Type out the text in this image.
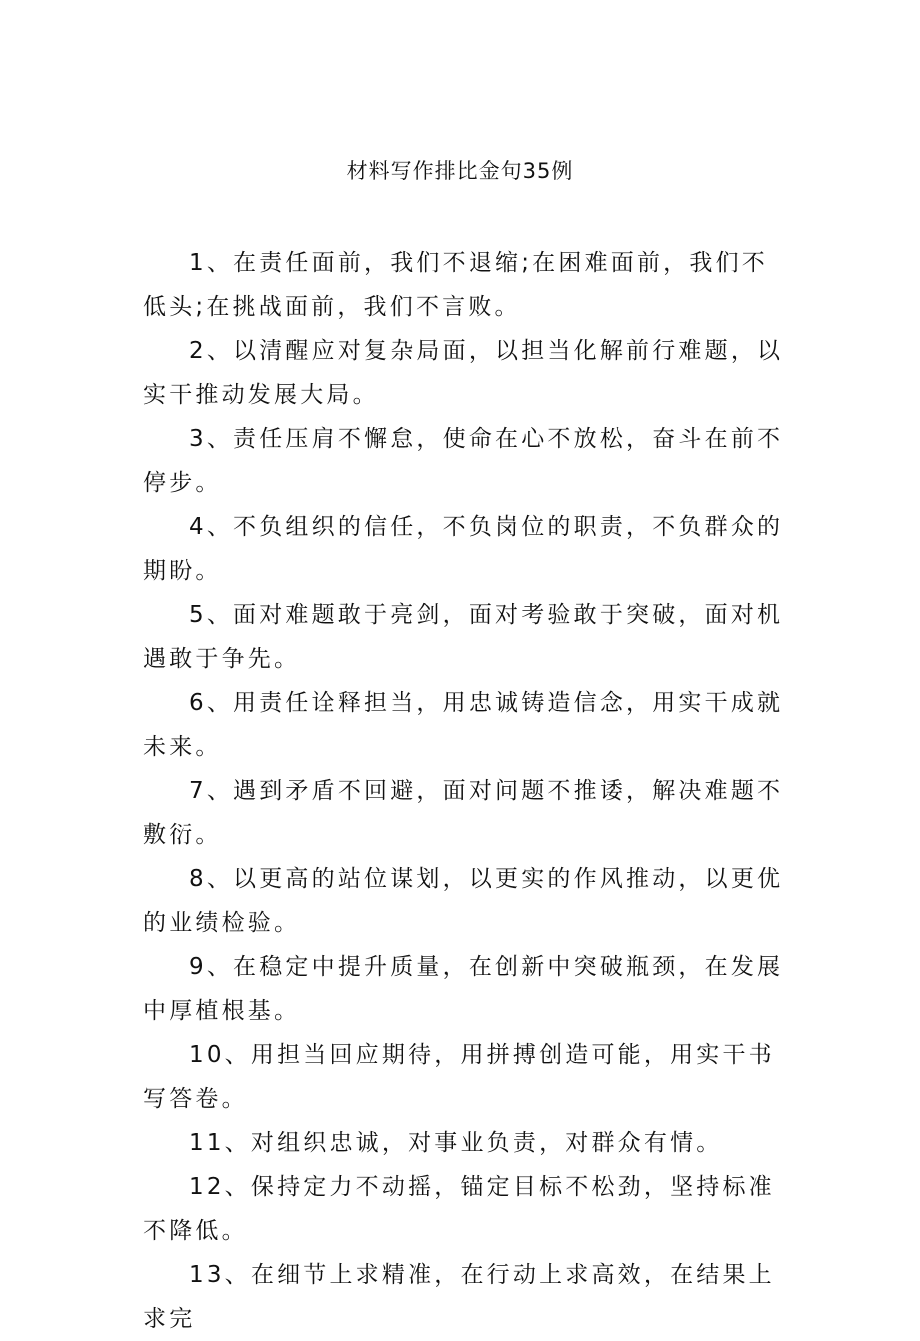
材料写作排比金句35例

1、在责任面前，我们不退缩;在困难面前，我们不低头;在挑战面前，我们不言败。

2、以清醒应对复杂局面，以担当化解前行难题，以实干推动发展大局。

3、责任压肩不懈怠，使命在心不放松，奋斗在前不停步。

4、不负组织的信任，不负岗位的职责，不负群众的期盼。

5、面对难题敢于亮剑，面对考验敢于突破，面对机遇敢于争先。

6、用责任诠释担当，用忠诚铸造信念，用实干成就未来。

7、遇到矛盾不回避，面对问题不推诿，解决难题不敷衍。

8、以更高的站位谋划，以更实的作风推动，以更优的业绩检验。

9、在稳定中提升质量，在创新中突破瓶颈，在发展中厚植根基。

10、用担当回应期待，用拼搏创造可能，用实干书写答卷。

11、对组织忠诚，对事业负责，对群众有情。

12、保持定力不动摇，锚定目标不松劲，坚持标准不降低。

13、在细节上求精准，在行动上求高效，在结果上求完
